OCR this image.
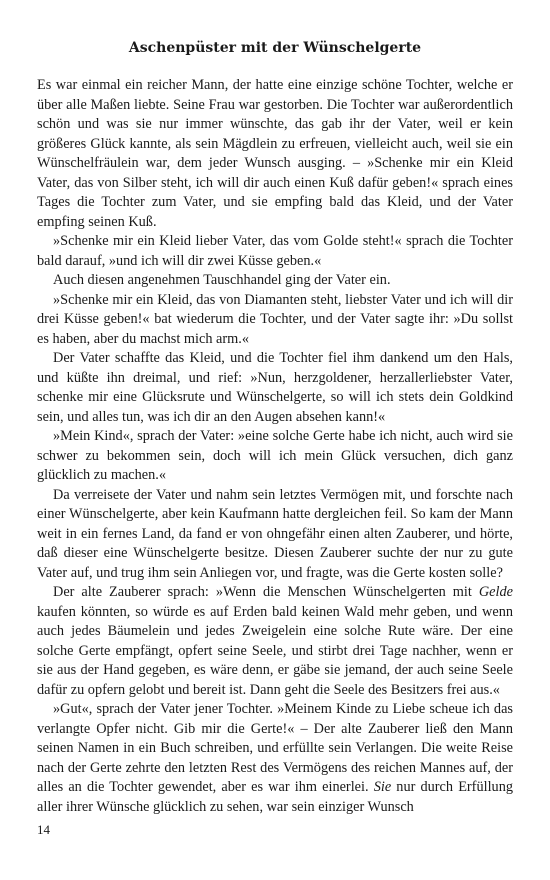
Aschenpüster mit der Wünschelgerte

Es war einmal ein reicher Mann, der hatte eine einzige schöne Tochter, welche er über alle Maßen liebte. Seine Frau war gestorben. Die Tochter war außerordentlich schön und was sie nur immer wünschte, das gab ihr der Vater, weil er kein größeres Glück kannte, als sein Mägdlein zu erfreuen, vielleicht auch, weil sie ein Wünschelfräulein war, dem jeder Wunsch ausging. – »Schenke mir ein Kleid Vater, das von Silber steht, ich will dir auch einen Kuß dafür geben!« sprach eines Tages die Tochter zum Vater, und sie empfing bald das Kleid, und der Vater empfing seinen Kuß.

»Schenke mir ein Kleid lieber Vater, das vom Golde steht!« sprach die Tochter bald darauf, »und ich will dir zwei Küsse geben.«

Auch diesen angenehmen Tauschhandel ging der Vater ein.

»Schenke mir ein Kleid, das von Diamanten steht, liebster Vater und ich will dir drei Küsse geben!« bat wiederum die Tochter, und der Vater sagte ihr: »Du sollst es haben, aber du machst mich arm.«

Der Vater schaffte das Kleid, und die Tochter fiel ihm dankend um den Hals, und küßte ihn dreimal, und rief: »Nun, herzgoldener, herzallerliebster Vater, schenke mir eine Glücksrute und Wünschelgerte, so will ich stets dein Goldkind sein, und alles tun, was ich dir an den Augen absehen kann!«

»Mein Kind«, sprach der Vater: »eine solche Gerte habe ich nicht, auch wird sie schwer zu bekommen sein, doch will ich mein Glück versuchen, dich ganz glücklich zu machen.«

Da verreisete der Vater und nahm sein letztes Vermögen mit, und forschte nach einer Wünschelgerte, aber kein Kaufmann hatte dergleichen feil. So kam der Mann weit in ein fernes Land, da fand er von ohngefähr einen alten Zauberer, und hörte, daß dieser eine Wünschelgerte besitze. Diesen Zauberer suchte der nur zu gute Vater auf, und trug ihm sein Anliegen vor, und fragte, was die Gerte kosten solle?

Der alte Zauberer sprach: »Wenn die Menschen Wünschelgerten mit Gelde kaufen könnten, so würde es auf Erden bald keinen Wald mehr geben, und wenn auch jedes Bäumelein und jedes Zweigelein eine solche Rute wäre. Der eine solche Gerte empfängt, opfert seine Seele, und stirbt drei Tage nachher, wenn er sie aus der Hand gegeben, es wäre denn, er gäbe sie jemand, der auch seine Seele dafür zu opfern gelobt und bereit ist. Dann geht die Seele des Besitzers frei aus.«

»Gut«, sprach der Vater jener Tochter. »Meinem Kinde zu Liebe scheue ich das verlangte Opfer nicht. Gib mir die Gerte!« – Der alte Zauberer ließ den Mann seinen Namen in ein Buch schreiben, und erfüllte sein Verlangen. Die weite Reise nach der Gerte zehrte den letzten Rest des Vermögens des reichen Mannes auf, der alles an die Tochter gewendet, aber es war ihm einerlei. Sie nur durch Erfüllung aller ihrer Wünsche glücklich zu sehen, war sein einziger Wunsch

14
